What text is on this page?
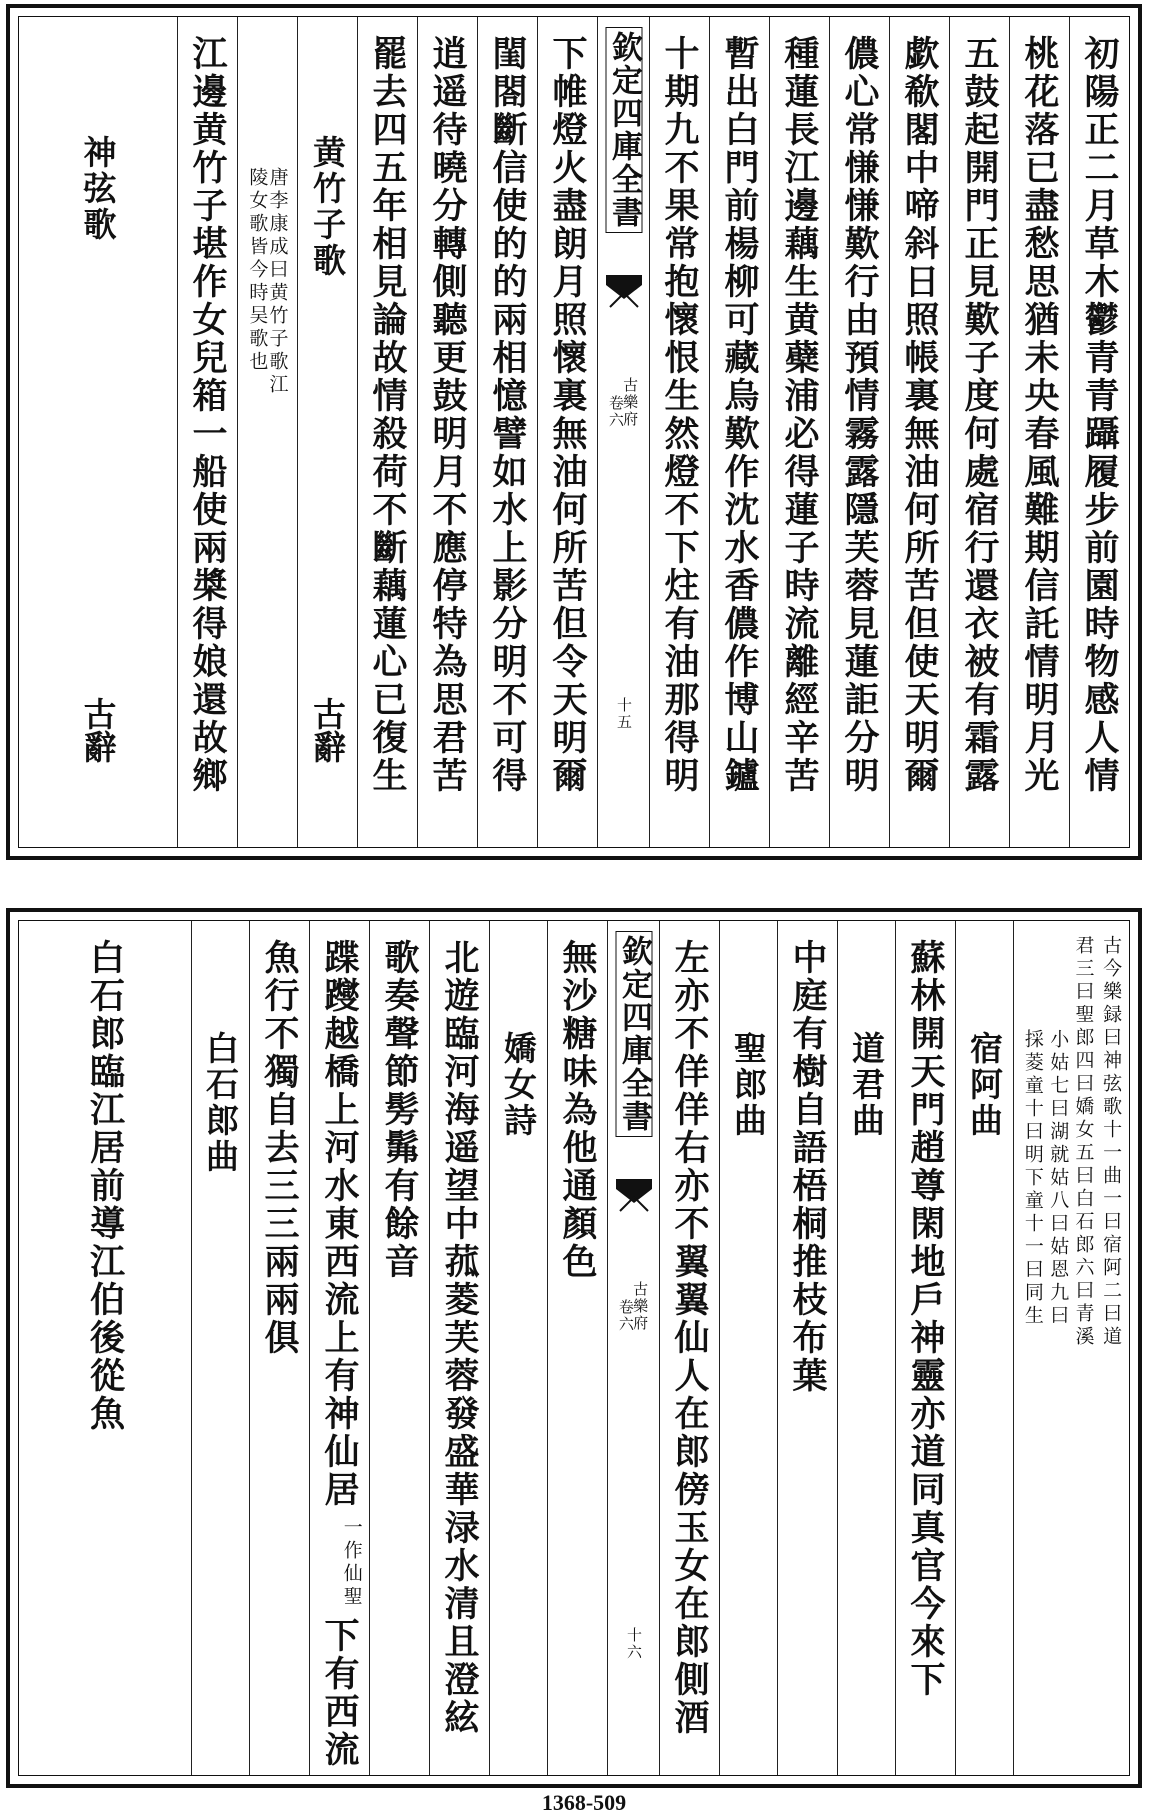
初陽正二月草木鬱青青躡履步前園時物感人情
桃花落已盡愁思猶未央春風難期信託情明月光
五鼓起開門正見歎子度何處宿行還衣被有霜露
歔欷閣中啼斜日照帳裏無油何所苦但使天明爾
儂心常慊慊歎行由預情霧露隱芙蓉見蓮詎分明
種蓮長江邊藕生黄蘗浦必得蓮子時流離經辛苦
暫出白門前楊柳可藏烏歎作沈水香儂作博山鑪
十期九不果常抱懷恨生然燈不下炷有油那得明
欽定四庫全書
古樂府
卷六
十五
下帷燈火盡朗月照懷裏無油何所苦但令天明爾
閨閤斷信使的的兩相憶譬如水上影分明不可得
逍遥待曉分轉側聽更鼓明月不應停特為思君苦
罷去四五年相見論故情殺荷不斷藕蓮心已復生
黄竹子歌
古辭
唐李康成曰黄竹子歌江
陵女歌皆今時吴歌也
江邊黄竹子堪作女兒箱一船使兩槳得娘還故鄉
神弦歌
古辭
古今樂録曰神弦歌十一曲一曰宿阿二曰道
君三曰聖郎四曰嬌女五曰白石郎六曰青溪
小姑七曰湖就姑八曰姑恩九曰
採菱童十曰明下童十一曰同生
宿阿曲
蘇林開天門趙尊閑地戶神靈亦道同真官今來下
道君曲
中庭有樹自語梧桐推枝布葉
聖郎曲
左亦不佯佯右亦不翼翼仙人在郎傍玉女在郎側酒
欽定四庫全書
古樂府
卷六
十六
無沙糖味為他通顏色
嬌女詩
北遊臨河海遥望中菰菱芙蓉發盛華渌水清且澄絃
歌奏聲節髣髴有餘音
蹀躞越橋上河水東西流上有神仙居
一作仙聖
下有西流
魚行不獨自去三三兩兩俱
白石郎曲
白石郎臨江居前導江伯後從魚
1368-509
